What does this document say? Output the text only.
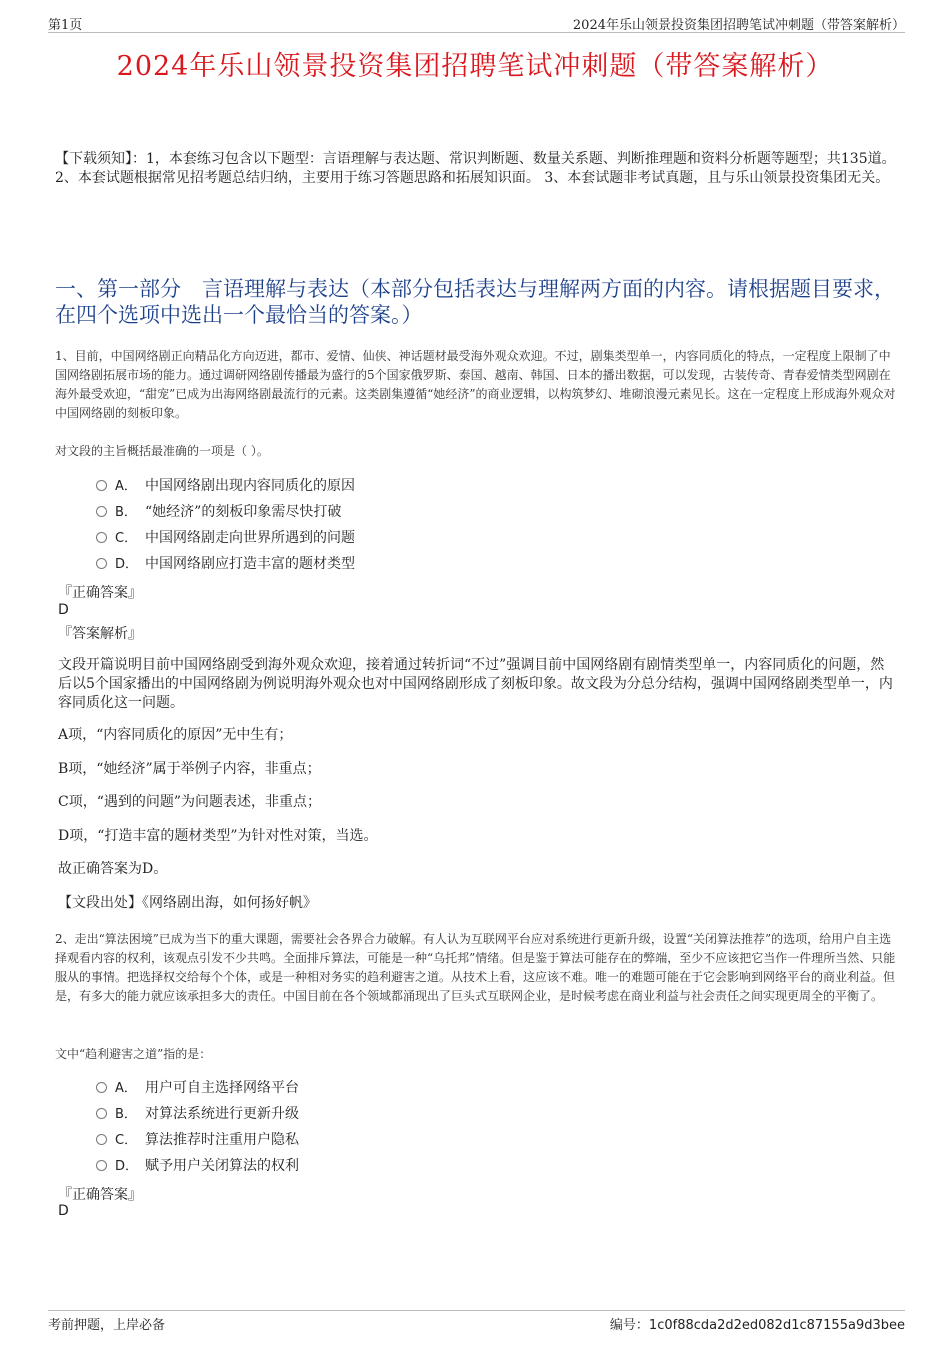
第1页	2024年乐山领景投资集团招聘笔试冲刺题（带答案解析）
2024年乐山领景投资集团招聘笔试冲刺题（带答案解析）
【下载须知】：1，本套练习包含以下题型：言语理解与表达题、常识判断题、数量关系题、判断推理题和资料分析题等题型；共135道。 2、本套试题根据常见招考题总结归纳，主要用于练习答题思路和拓展知识面。 3、本套试题非考试真题，且与乐山领景投资集团无关。
一、第一部分　言语理解与表达（本部分包括表达与理解两方面的内容。请根据题目要求，在四个选项中选出一个最恰当的答案。）
1、目前，中国网络剧正向精品化方向迈进，都市、爱情、仙侠、神话题材最受海外观众欢迎。不过，剧集类型单一，内容同质化的特点，一定程度上限制了中国网络剧拓展市场的能力。通过调研网络剧传播最为盛行的5个国家俄罗斯、泰国、越南、韩国、日本的播出数据，可以发现，古装传奇、青春爱情类型网剧在海外最受欢迎，“甜宠”已成为出海网络剧最流行的元素。这类剧集遵循“她经济”的商业逻辑，以构筑梦幻、堆砌浪漫元素见长。这在一定程度上形成海外观众对中国网络剧的刻板印象。
对文段的主旨概括最准确的一项是（ ）。
A． 中国网络剧出现内容同质化的原因
B． “她经济”的刻板印象需尽快打破
C． 中国网络剧走向世界所遇到的问题
D． 中国网络剧应打造丰富的题材类型
『正确答案』
D
『答案解析』
文段开篇说明目前中国网络剧受到海外观众欢迎，接着通过转折词“不过”强调目前中国网络剧有剧情类型单一，内容同质化的问题，然后以5个国家播出的中国网络剧为例说明海外观众也对中国网络剧形成了刻板印象。故文段为分总分结构，强调中国网络剧类型单一，内容同质化这一问题。
A项，“内容同质化的原因”无中生有；
B项，“她经济”属于举例子内容，非重点；
C项，“遇到的问题”为问题表述，非重点；
D项，“打造丰富的题材类型”为针对性对策，当选。
故正确答案为D。
【文段出处】《网络剧出海，如何扬好帆》
2、走出“算法困境”已成为当下的重大课题，需要社会各界合力破解。有人认为互联网平台应对系统进行更新升级，设置“关闭算法推荐”的选项，给用户自主选择观看内容的权利，该观点引发不少共鸣。全面排斥算法，可能是一种“乌托邦”情绪。但是鉴于算法可能存在的弊端，至少不应该把它当作一件理所当然、只能服从的事情。把选择权交给每个个体，或是一种相对务实的趋利避害之道。从技术上看，这应该不难。唯一的难题可能在于它会影响到网络平台的商业利益。但是，有多大的能力就应该承担多大的责任。中国目前在各个领域都涌现出了巨头式互联网企业，是时候考虑在商业利益与社会责任之间实现更周全的平衡了。
文中“趋利避害之道”指的是：
A． 用户可自主选择网络平台
B． 对算法系统进行更新升级
C． 算法推荐时注重用户隐私
D． 赋予用户关闭算法的权利
『正确答案』
D
考前押题，上岸必备	编号：1c0f88cda2d2ed082d1c87155a9d3bee
